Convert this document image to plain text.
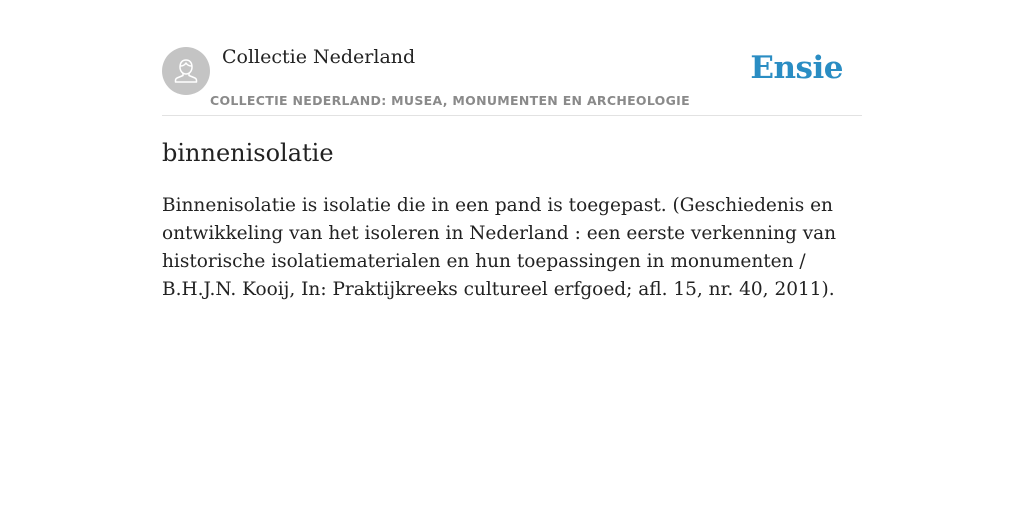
Collectie Nederland
COLLECTIE NEDERLAND: MUSEA, MONUMENTEN EN ARCHEOLOGIE
Ensie
binnenisolatie

Binnenisolatie is isolatie die in een pand is toegepast. (Geschiedenis en ontwikkeling van het isoleren in Nederland : een eerste verkenning van historische isolatiematerialen en hun toepassingen in monumenten / B.H.J.N. Kooij, In: Praktijkreeks cultureel erfgoed; afl. 15, nr. 40, 2011).
